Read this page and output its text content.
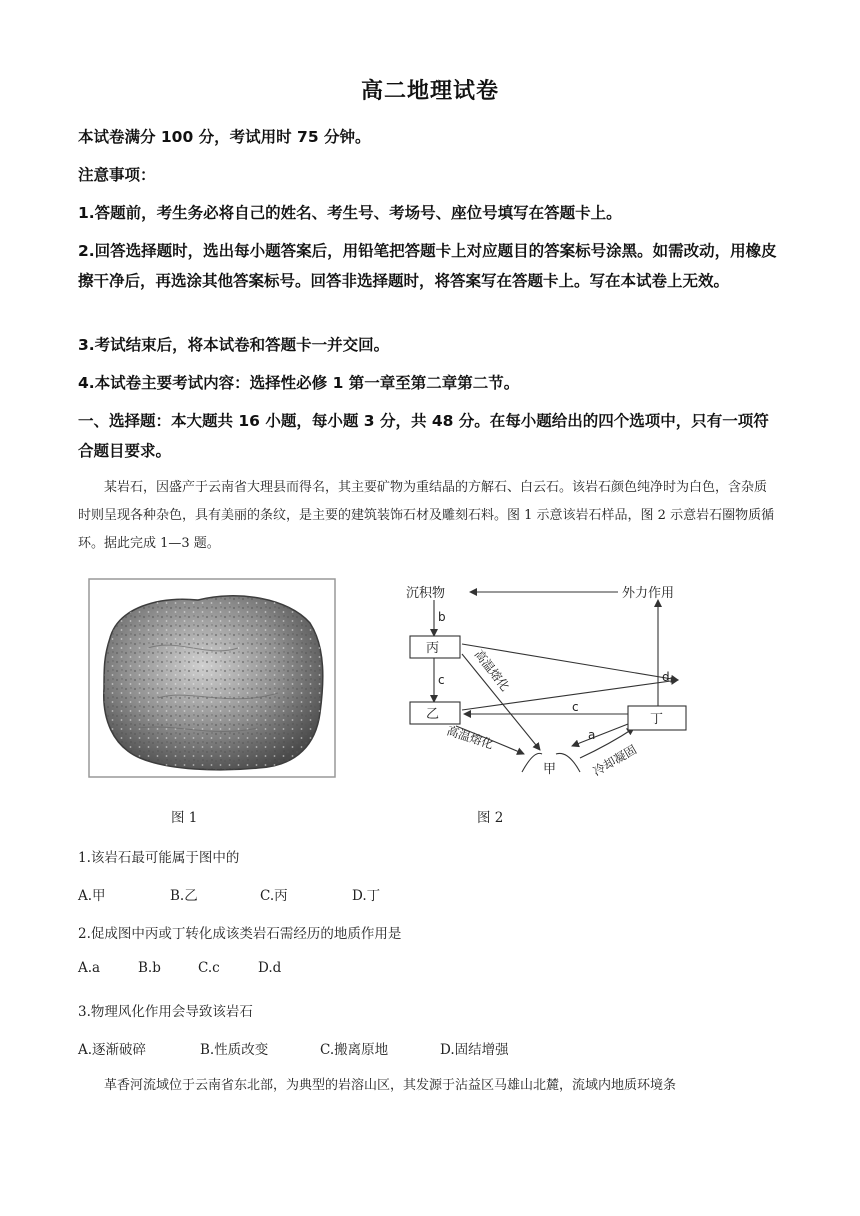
高二地理试卷
本试卷满分 100 分，考试用时 75 分钟。
注意事项：
1.答题前，考生务必将自己的姓名、考生号、考场号、座位号填写在答题卡上。
2.回答选择题时，选出每小题答案后，用铅笔把答题卡上对应题目的答案标号涂黑。如需改动，用橡皮擦干净后，再选涂其他答案标号。回答非选择题时，将答案写在答题卡上。写在本试卷上无效。
3.考试结束后，将本试卷和答题卡一并交回。
4.本试卷主要考试内容：选择性必修 1 第一章至第二章第二节。
一、选择题：本大题共 16 小题，每小题 3 分，共 48 分。在每小题给出的四个选项中，只有一项符合题目要求。
某岩石，因盛产于云南省大理县而得名，其主要矿物为重结晶的方解石、白云石。该岩石颜色纯净时为白色，含杂质时则呈现各种杂色，具有美丽的条纹，是主要的建筑装饰石材及雕刻石料。图 1 示意该岩石样品，图 2 示意岩石圈物质循环。据此完成 1—3 题。
沉积物	外力作用
丙
乙	丁
甲
b
c	d
c
a
高温熔化
高温熔化
冷却凝固
图 1	图 2
1.该岩石最可能属于图中的
A.甲	B.乙	C.丙	D.丁
2.促成图中丙或丁转化成该类岩石需经历的地质作用是
A.a	B.b	C.c	D.d
3.物理风化作用会导致该岩石
A.逐渐破碎	B.性质改变	C.搬离原地	D.固结增强
革香河流域位于云南省东北部，为典型的岩溶山区，其发源于沾益区马雄山北麓，流域内地质环境条
